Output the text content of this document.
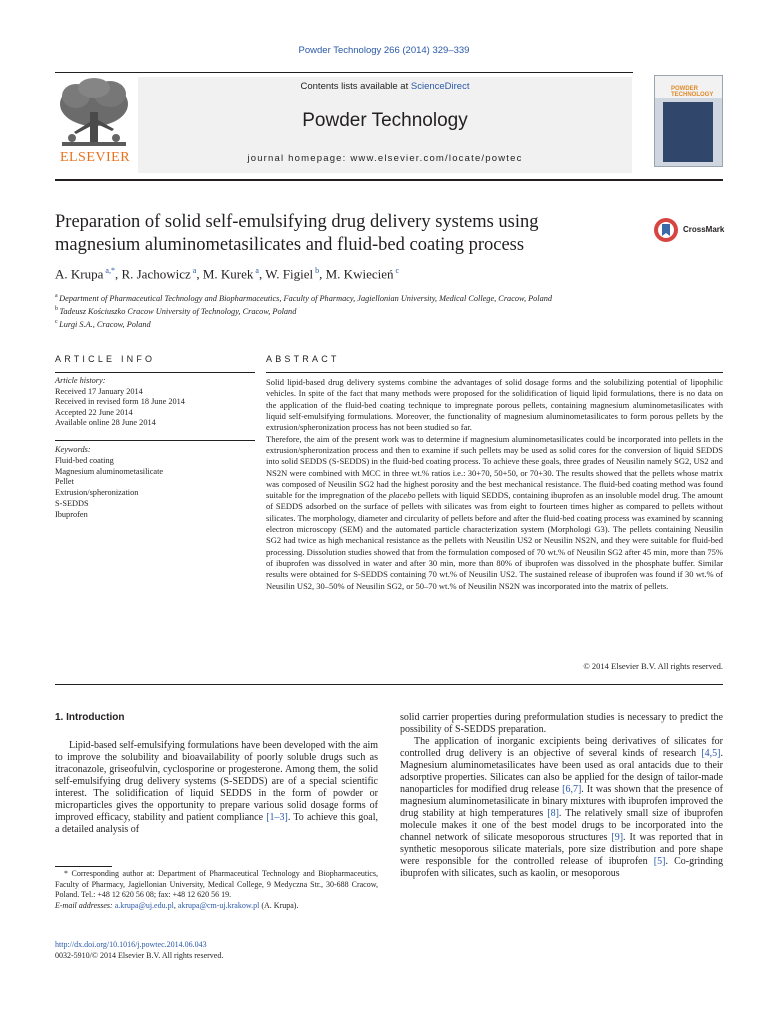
Powder Technology 266 (2014) 329–339
ELSEVIER
Contents lists available at ScienceDirect
Powder Technology
journal homepage: www.elsevier.com/locate/powtec
POWDER TECHNOLOGY
Preparation of solid self-emulsifying drug delivery systems using magnesium aluminometasilicates and fluid-bed coating process
CrossMark
A. Krupa $^{a,*}$, R. Jachowicz $^a$, M. Kurek $^a$, W. Figiel $^b$, M. Kwiecień $^c$
$^a$ Department of Pharmaceutical Technology and Biopharmaceutics, Faculty of Pharmacy, Jagiellonian University, Medical College, Cracow, Poland
$^b$ Tadeusz Kościuszko Cracow University of Technology, Cracow, Poland
$^c$ Lurgi S.A., Cracow, Poland
ARTICLE INFO	ABSTRACT
Article history:
Received 17 January 2014
Received in revised form 18 June 2014
Accepted 22 June 2014
Available online 28 June 2014
Keywords:
Fluid-bed coating
Magnesium aluminometasilicate
Pellet
Extrusion/spheronization
S-SEDDS
Ibuprofen

Solid lipid-based drug delivery systems combine the advantages of solid dosage forms and the solubilizing potential of lipophilic vehicles. In spite of the fact that many methods were proposed for the solidification of liquid lipid formulations, there is no data on the application of the fluid-bed coating technique to impregnate porous pellets, containing magnesium aluminometasilicates with liquid self-emulsifying formulations. Moreover, the functionality of magnesium aluminometasilicates to form porous pellets by the extrusion/spheronization process has not been studied so far.

Therefore, the aim of the present work was to determine if magnesium aluminometasilicates could be incorporated into pellets in the extrusion/spheronization process and then to examine if such pellets may be used as solid cores for the conversion of liquid SEDDS into solid SEDDS (S-SEDDS) in the fluid-bed coating process. To achieve these goals, three grades of Neusilin namely SG2, US2 and NS2N were combined with MCC in three wt.% ratios i.e.: 30+70, 50+50, or 70+30. The results showed that the pellets whose matrix was composed of Neusilin SG2 had the highest porosity and the best mechanical resistance. The fluid-bed coating method was found suitable for the impregnation of the placebo pellets with liquid SEDDS, containing ibuprofen as an insoluble model drug. The amount of SEDDS adsorbed on the surface of pellets with silicates was from eight to fourteen times higher as compared to pellets without silicates. The morphology, diameter and circularity of pellets before and after the fluid-bed coating process was examined by scanning electron microscopy (SEM) and the automated particle characterization system (Morphologi G3). The pellets containing Neusilin SG2 had twice as high mechanical resistance as the pellets with Neusilin US2 or Neusilin NS2N, and they were suitable for fluid-bed processing. Dissolution studies showed that from the formulation composed of 70 wt.% of Neusilin SG2 after 45 min, more than 75% of ibuprofen was dissolved in water and after 30 min, more than 80% of ibuprofen was dissolved in the phosphate buffer. Similar results were obtained for S-SEDDS containing 70 wt.% of Neusilin US2. The sustained release of ibuprofen was found if 30 wt.% of Neusilin US2, 30–50% of Neusilin SG2, or 50–70 wt.% of Neusilin NS2N was incorporated into the matrix of pellets.

© 2014 Elsevier B.V. All rights reserved.
1. Introduction
Lipid-based self-emulsifying formulations have been developed with the aim to improve the solubility and bioavailability of poorly soluble drugs such as itraconazole, griseofulvin, cyclosporine or progesterone. Among them, the solid self-emulsifying drug delivery systems (S-SEDDS) are of a special scientific interest. The solidification of liquid SEDDS in the form of powder or microparticles gives the opportunity to prepare various solid dosage forms of improved efficacy, stability and patient compliance [1–3]. To achieve this goal, a detailed analysis of

solid carrier properties during preformulation studies is necessary to predict the possibility of S-SEDDS preparation.

The application of inorganic excipients being derivatives of silicates for controlled drug delivery is an objective of several kinds of research [4,5]. Magnesium aluminometasilicates have been used as oral antacids due to their adsorptive properties. Silicates can also be applied for the design of tailor-made nanoparticles for modified drug release [6,7]. It was shown that the presence of magnesium aluminometasilicate in binary mixtures with ibuprofen improved the drug stability at high temperatures [8]. The relatively small size of ibuprofen molecule makes it one of the best model drugs to be incorporated into the channel network of silicate mesoporous structures [9]. It was reported that in synthetic mesoporous silicate materials, pore size distribution and pore shape were responsible for the controlled release of ibuprofen [5]. Co-grinding ibuprofen with silicates, such as kaolin, or mesoporous

* Corresponding author at: Department of Pharmaceutical Technology and Biopharmaceutics, Faculty of Pharmacy, Jagiellonian University, Medical College, 9 Medyczna Str., 30-688 Cracow, Poland. Tel.: +48 12 620 56 08; fax: +48 12 620 56 19.
E-mail addresses: a.krupa@uj.edu.pl, akrupa@cm-uj.krakow.pl (A. Krupa).
http://dx.doi.org/10.1016/j.powtec.2014.06.043
0032-5910/© 2014 Elsevier B.V. All rights reserved.
